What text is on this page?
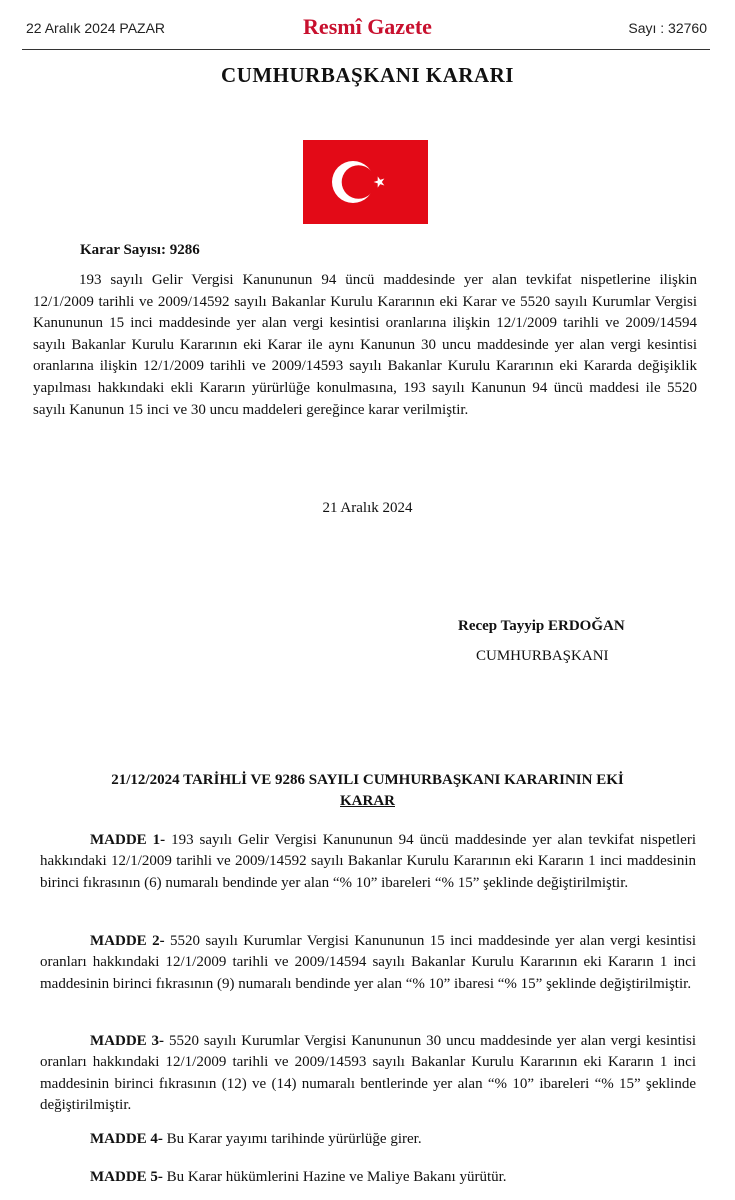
22 Aralık 2024 PAZAR	Resmî Gazete	Sayı : 32760
CUMHURBAŞKANI KARARI
Karar Sayısı: 9286
193 sayılı Gelir Vergisi Kanununun 94 üncü maddesinde yer alan tevkifat nispetlerine ilişkin 12/1/2009 tarihli ve 2009/14592 sayılı Bakanlar Kurulu Kararının eki Karar ve 5520 sayılı Kurumlar Vergisi Kanununun 15 inci maddesinde yer alan vergi kesintisi oranlarına ilişkin 12/1/2009 tarihli ve 2009/14594 sayılı Bakanlar Kurulu Kararının eki Karar ile aynı Kanunun 30 uncu maddesinde yer alan vergi kesintisi oranlarına ilişkin 12/1/2009 tarihli ve 2009/14593 sayılı Bakanlar Kurulu Kararının eki Kararda değişiklik yapılması hakkındaki ekli Kararın yürürlüğe konulmasına, 193 sayılı Kanunun 94 üncü maddesi ile 5520 sayılı Kanunun 15 inci ve 30 uncu maddeleri gereğince karar verilmiştir.
21 Aralık 2024
Recep Tayyip ERDOĞAN
CUMHURBAŞKANI
21/12/2024 TARİHLİ VE 9286 SAYILI CUMHURBAŞKANI KARARININ EKİ
KARAR
MADDE 1- 193 sayılı Gelir Vergisi Kanununun 94 üncü maddesinde yer alan tevkifat nispetleri hakkındaki 12/1/2009 tarihli ve 2009/14592 sayılı Bakanlar Kurulu Kararının eki Kararın 1 inci maddesinin birinci fıkrasının (6) numaralı bendinde yer alan “% 10” ibareleri “% 15” şeklinde değiştirilmiştir.
MADDE 2- 5520 sayılı Kurumlar Vergisi Kanununun 15 inci maddesinde yer alan vergi kesintisi oranları hakkındaki 12/1/2009 tarihli ve 2009/14594 sayılı Bakanlar Kurulu Kararının eki Kararın 1 inci maddesinin birinci fıkrasının (9) numaralı bendinde yer alan “% 10” ibaresi “% 15” şeklinde değiştirilmiştir.
MADDE 3- 5520 sayılı Kurumlar Vergisi Kanununun 30 uncu maddesinde yer alan vergi kesintisi oranları hakkındaki 12/1/2009 tarihli ve 2009/14593 sayılı Bakanlar Kurulu Kararının eki Kararın 1 inci maddesinin birinci fıkrasının (12) ve (14) numaralı bentlerinde yer alan “% 10” ibareleri “% 15” şeklinde değiştirilmiştir.
MADDE 4- Bu Karar yayımı tarihinde yürürlüğe girer.
MADDE 5- Bu Karar hükümlerini Hazine ve Maliye Bakanı yürütür.
